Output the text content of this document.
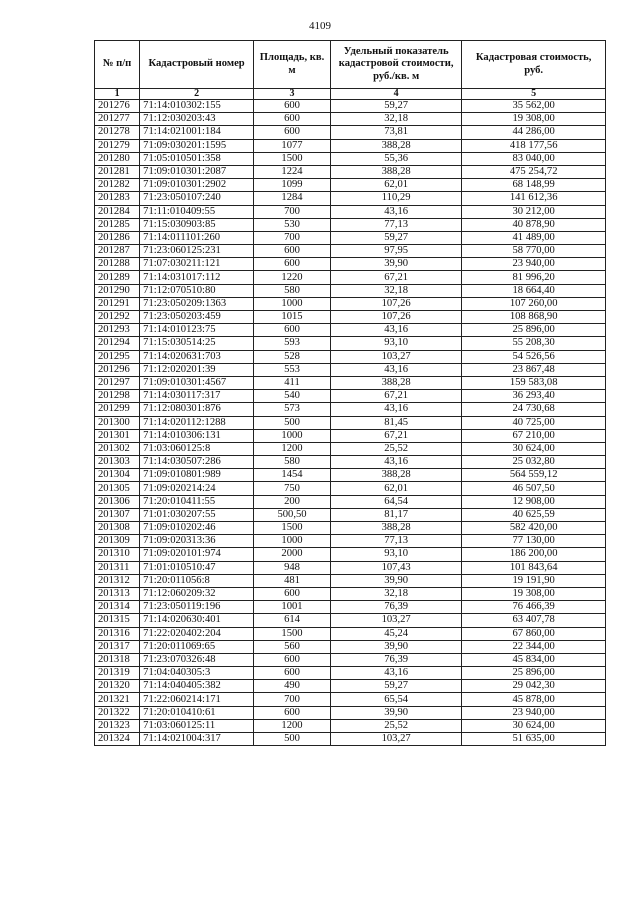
4109
№ п/п	Кадастровый номер	Площадь, кв. м	Удельный показатель кадастровой стоимости, руб./кв. м	Кадастровая стоимость, руб.
1	2	3	4	5
201276	71:14:010302:155	600	59,27	35 562,00
201277	71:12:030203:43	600	32,18	19 308,00
201278	71:14:021001:184	600	73,81	44 286,00
201279	71:09:030201:1595	1077	388,28	418 177,56
201280	71:05:010501:358	1500	55,36	83 040,00
201281	71:09:010301:2087	1224	388,28	475 254,72
201282	71:09:010301:2902	1099	62,01	68 148,99
201283	71:23:050107:240	1284	110,29	141 612,36
201284	71:11:010409:55	700	43,16	30 212,00
201285	71:15:030903:85	530	77,13	40 878,90
201286	71:14:011101:260	700	59,27	41 489,00
201287	71:23:060125:231	600	97,95	58 770,00
201288	71:07:030211:121	600	39,90	23 940,00
201289	71:14:031017:112	1220	67,21	81 996,20
201290	71:12:070510:80	580	32,18	18 664,40
201291	71:23:050209:1363	1000	107,26	107 260,00
201292	71:23:050203:459	1015	107,26	108 868,90
201293	71:14:010123:75	600	43,16	25 896,00
201294	71:15:030514:25	593	93,10	55 208,30
201295	71:14:020631:703	528	103,27	54 526,56
201296	71:12:020201:39	553	43,16	23 867,48
201297	71:09:010301:4567	411	388,28	159 583,08
201298	71:14:030117:317	540	67,21	36 293,40
201299	71:12:080301:876	573	43,16	24 730,68
201300	71:14:020112:1288	500	81,45	40 725,00
201301	71:14:010306:131	1000	67,21	67 210,00
201302	71:03:060125:8	1200	25,52	30 624,00
201303	71:14:030507:286	580	43,16	25 032,80
201304	71:09:010801:989	1454	388,28	564 559,12
201305	71:09:020214:24	750	62,01	46 507,50
201306	71:20:010411:55	200	64,54	12 908,00
201307	71:01:030207:55	500,50	81,17	40 625,59
201308	71:09:010202:46	1500	388,28	582 420,00
201309	71:09:020313:36	1000	77,13	77 130,00
201310	71:09:020101:974	2000	93,10	186 200,00
201311	71:01:010510:47	948	107,43	101 843,64
201312	71:20:011056:8	481	39,90	19 191,90
201313	71:12:060209:32	600	32,18	19 308,00
201314	71:23:050119:196	1001	76,39	76 466,39
201315	71:14:020630:401	614	103,27	63 407,78
201316	71:22:020402:204	1500	45,24	67 860,00
201317	71:20:011069:65	560	39,90	22 344,00
201318	71:23:070326:48	600	76,39	45 834,00
201319	71:04:040305:3	600	43,16	25 896,00
201320	71:14:040405:382	490	59,27	29 042,30
201321	71:22:060214:171	700	65,54	45 878,00
201322	71:20:010410:61	600	39,90	23 940,00
201323	71:03:060125:11	1200	25,52	30 624,00
201324	71:14:021004:317	500	103,27	51 635,00
